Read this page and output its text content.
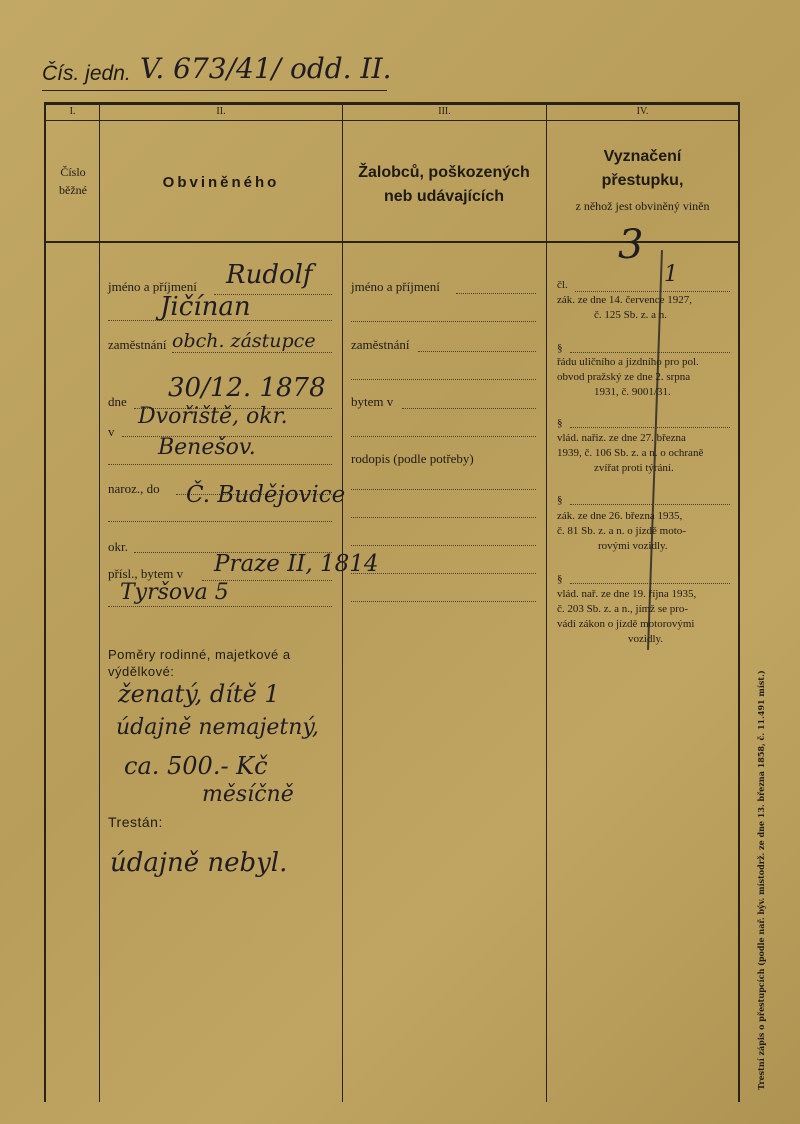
Čís. jedn. V. 673/41/ odd. II.
I.	II.	III.	IV.
Číslo běžné	Obviněného
Žalobců, poškozených neb udávajících
Vyznačení přestupku,
z něhož jest obviněný viněn
jméno a příjmení Rudolf
Jičínan
zaměstnání obch. zástupce
dne 30/12. 1878
v
Dvořiště, okr.
Benešov.
naroz., do Č. Budějovice
okr.
přísl., bytem v Praze II, 1814
Tyršova 5
Poměry rodinné, majetkové a výdělkové:
ženatý, dítě 1
údajně nemajetný,
ca. 500.- Kč
měsíčně
Trestán:
údajně nebyl.
jméno a příjmení
zaměstnání
bytem v
rodopis (podle potřeby)
3
čl.	1
zák. ze dne 14. července 1927,
č. 125 Sb. z. a n.
§
řádu uličního a jízdního pro pol.
obvod pražský ze dne 2. srpna
1931, č. 9001/31.
§
vlád. nařiz. ze dne 27. března
1939, č. 106 Sb. z. a n. o ochraně
zvířat proti týrání.
§
zák. ze dne 26. března 1935,
č. 81 Sb. z. a n. o jízdě moto-
rovými vozidly.
§
vlád. nař. ze dne 19. října 1935,
č. 203 Sb. z. a n., jímž se pro-
vádí zákon o jízdě motorovými
vozidly.
Trestní zápis o přestupcích (podle nař. býv. místodrž. ze dne 13. března 1858, č. 11.491 míst.)
